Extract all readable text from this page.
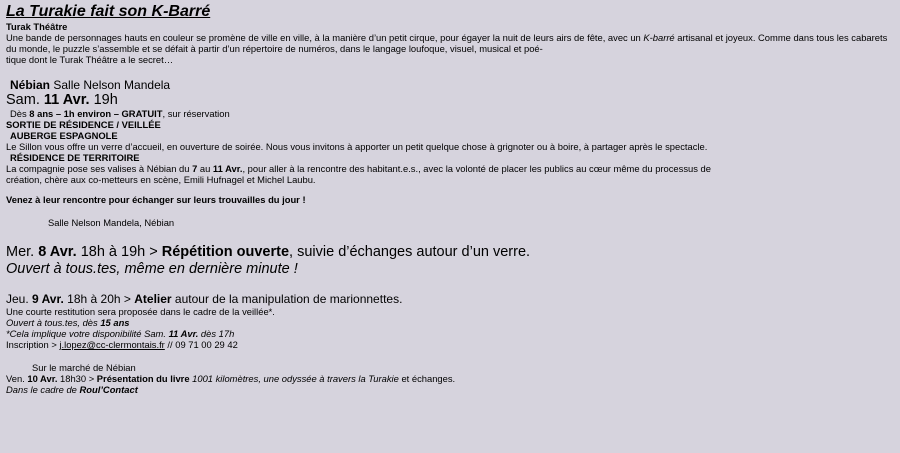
La Turakie fait son K-Barré
Turak Théâtre
Une bande de personnages hauts en couleur se promène de ville en ville, à la manière d’un petit cirque, pour égayer la nuit de leurs airs de fête, avec un K-barré artisanal et joyeux. Comme dans tous les cabarets du monde, le puzzle s’assemble et se défait à partir d’un répertoire de numéros, dans le langage loufoque, visuel, musical et poé-
tique dont le Turak Théâtre a le secret…
Nébian Salle Nelson Mandela
Sam. 11 Avr. 19h
Dès 8 ans – 1h environ – GRATUIT, sur réservation
SORTIE DE RÉSIDENCE / VEILLÉE
AUBERGE ESPAGNOLE
Le Sillon vous offre un verre d’accueil, en ouverture de soirée. Nous vous invitons à apporter un petit quelque chose à grignoter ou à boire, à partager après le spectacle.
RÉSIDENCE DE TERRITOIRE
La compagnie pose ses valises à Nébian du 7 au 11 Avr., pour aller à la rencontre des habitant.e.s., avec la volonté de placer les publics au cœur même du processus de
création, chère aux co-metteurs en scène, Emili Hufnagel et Michel Laubu.
Venez à leur rencontre pour échanger sur leurs trouvailles du jour !
Salle Nelson Mandela, Nébian
Mer. 8 Avr. 18h à 19h > Répétition ouverte, suivie d’échanges autour d’un verre.
Ouvert à tous.tes, même en dernière minute !
Jeu. 9 Avr. 18h à 20h > Atelier autour de la manipulation de marionnettes.
Une courte restitution sera proposée dans le cadre de la veillée*.
Ouvert à tous.tes, dès 15 ans
*Cela implique votre disponibilité Sam. 11 Avr. dès 17h
Inscription > j.lopez@cc-clermontais.fr // 09 71 00 29 42
Sur le marché de Nébian
Ven. 10 Avr. 18h30 > Présentation du livre 1001 kilomètres, une odyssée à travers la Turakie et échanges.
Dans le cadre de Roul’Contact
